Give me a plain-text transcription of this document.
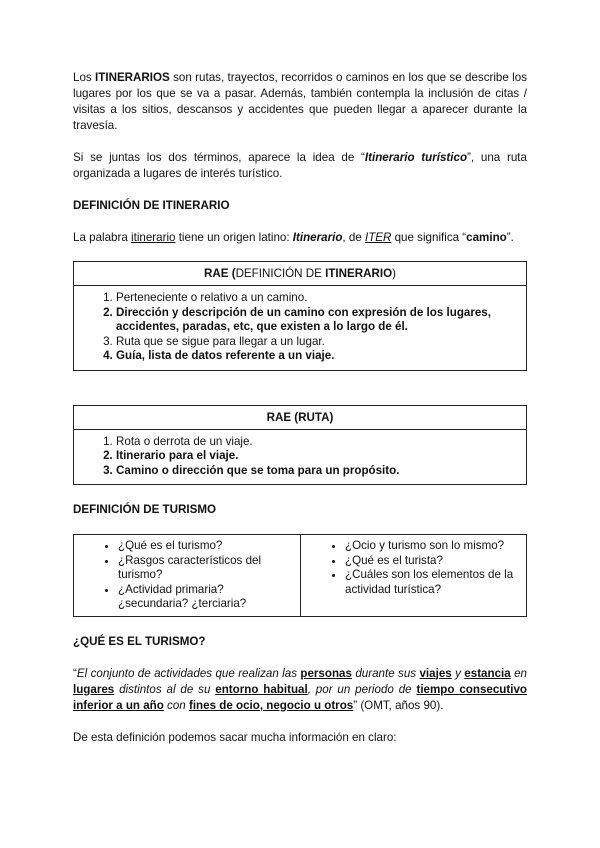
Los ITINERARIOS son rutas, trayectos, recorridos o caminos en los que se describe los lugares por los que se va a pasar. Además, también contempla la inclusión de citas / visitas a los sitios, descansos y accidentes que pueden llegar a aparecer durante la travesía.

Si se juntas los dos términos, aparece la idea de “Itinerario turístico”, una ruta organizada a lugares de interés turístico.

DEFINICIÓN DE ITINERARIO

La palabra itinerario tiene un origen latino: Itinerario, de ITER que significa “camino”.

RAE (DEFINICIÓN DE ITINERARIO)
1. Perteneciente o relativo a un camino.
2. Dirección y descripción de un camino con expresión de los lugares, accidentes, paradas, etc, que existen a lo largo de él.
3. Ruta que se sigue para llegar a un lugar.
4. Guía, lista de datos referente a un viaje.
RAE (RUTA)
1. Rota o derrota de un viaje.
2. Itinerario para el viaje.
3. Camino o dirección que se toma para un propósito.
DEFINICIÓN DE TURISMO
• ¿Qué es el turismo?
• ¿Rasgos característicos del turismo?
• ¿Actividad primaria? ¿secundaria? ¿terciaria?
• ¿Ocio y turismo son lo mismo?
• ¿Qué es el turista?
• ¿Cuáles son los elementos de la actividad turística?
¿QUÉ ES EL TURISMO?

“El conjunto de actividades que realizan las personas durante sus viajes y estancia en lugares distintos al de su entorno habitual, por un periodo de tiempo consecutivo inferior a un año con fines de ocio, negocio u otros” (OMT, años 90).

De esta definición podemos sacar mucha información en claro:
